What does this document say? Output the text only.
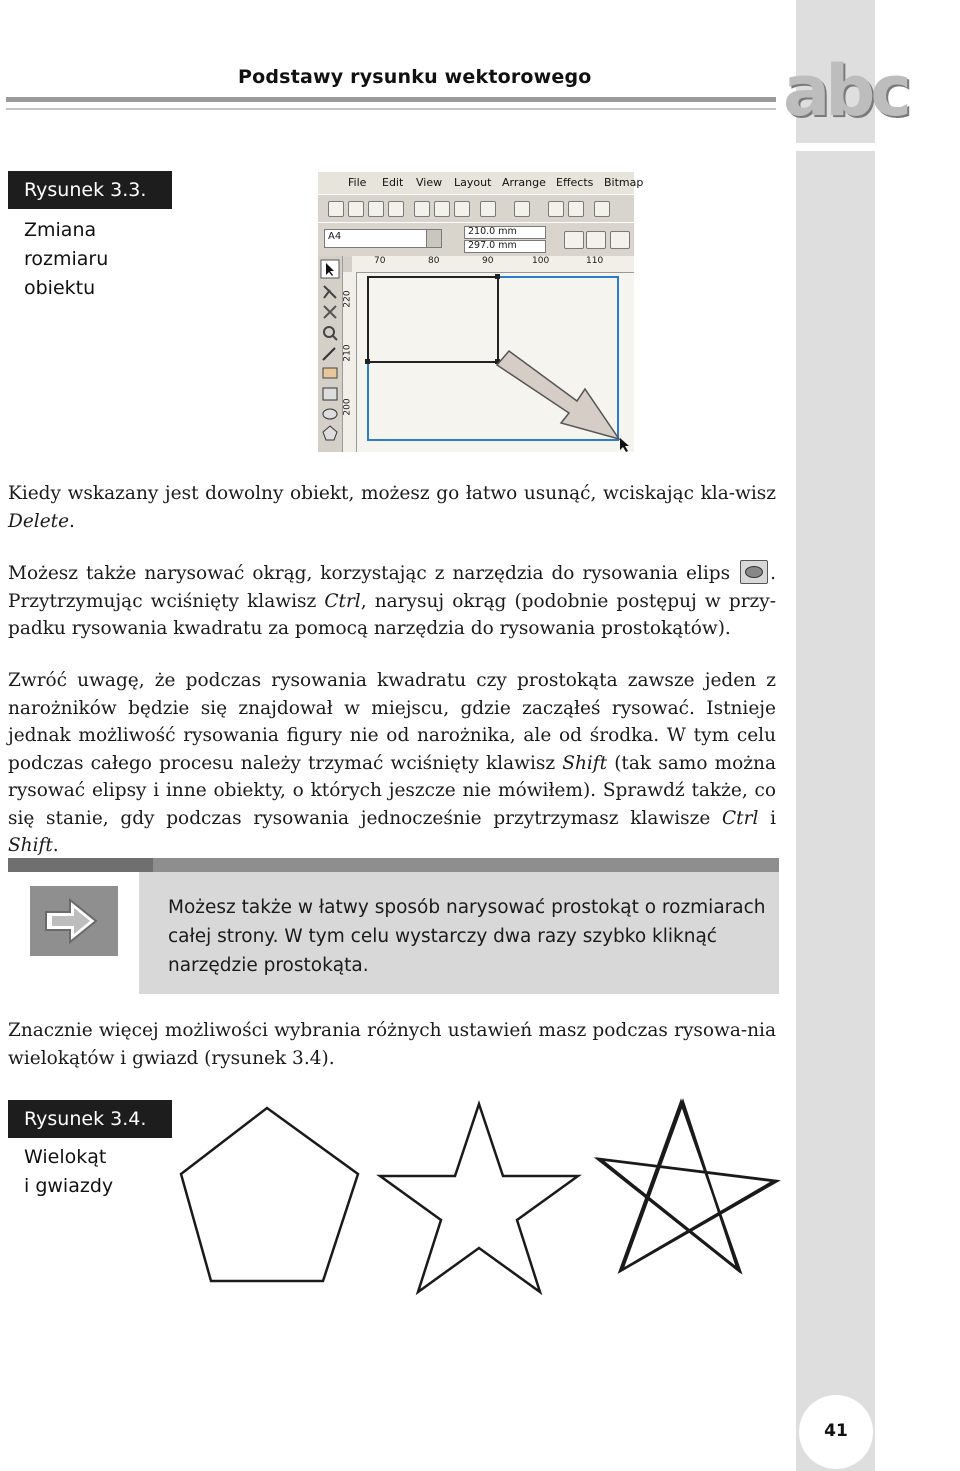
Podstawy rysunku wektorowego	abc
Rysunek 3.3.
Zmiana
rozmiaru
obiektu
File Edit View Layout Arrange Effects Bitmap
A4	210.0 mm
297.0 mm
70	80	90	100	110
220
210
200

Kiedy wskazany jest dowolny obiekt, możesz go łatwo usunąć, wciskając kla-wisz Delete.

Możesz także narysować okrąg, korzystając z narzędzia do rysowania elips . Przytrzymując wciśnięty klawisz Ctrl, narysuj okrąg (podobnie postępuj w przy-padku rysowania kwadratu za pomocą narzędzia do rysowania prostokątów).

Zwróć uwagę, że podczas rysowania kwadratu czy prostokąta zawsze jeden z narożników będzie się znajdował w miejscu, gdzie zacząłeś rysować. Istnieje jednak możliwość rysowania figury nie od narożnika, ale od środka. W tym celu podczas całego procesu należy trzymać wciśnięty klawisz Shift (tak samo można rysować elipsy i inne obiekty, o których jeszcze nie mówiłem). Sprawdź także, co się stanie, gdy podczas rysowania jednocześnie przytrzymasz klawisze Ctrl i Shift.

Możesz także w łatwy sposób narysować prostokąt o rozmiarach całej strony. W tym celu wystarczy dwa razy szybko kliknąć narzędzie prostokąta.

Znacznie więcej możliwości wybrania różnych ustawień masz podczas rysowa-nia wielokątów i gwiazd (rysunek 3.4).

Rysunek 3.4.
Wielokąt
i gwiazdy
41
